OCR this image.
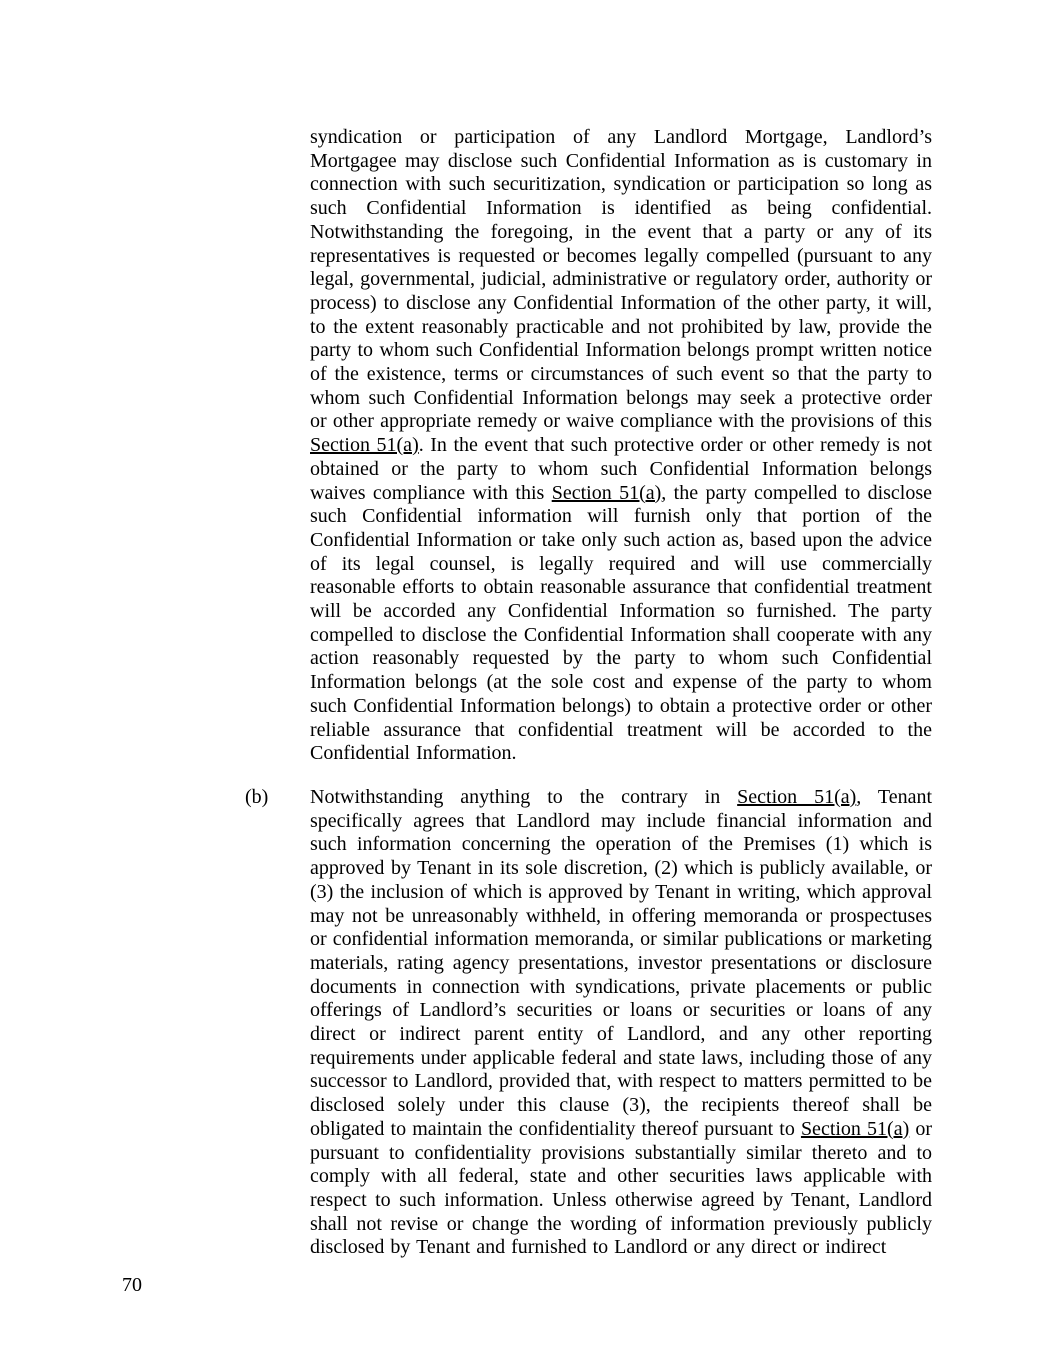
syndication or participation of any Landlord Mortgage, Landlord’s Mortgagee may disclose such Confidential Information as is customary in connection with such securitization, syndication or participation so long as such Confidential Information is identified as being confidential. Notwithstanding the foregoing, in the event that a party or any of its representatives is requested or becomes legally compelled (pursuant to any legal, governmental, judicial, administrative or regulatory order, authority or process) to disclose any Confidential Information of the other party, it will, to the extent reasonably practicable and not prohibited by law, provide the party to whom such Confidential Information belongs prompt written notice of the existence, terms or circumstances of such event so that the party to whom such Confidential Information belongs may seek a protective order or other appropriate remedy or waive compliance with the provisions of this Section 51(a). In the event that such protective order or other remedy is not obtained or the party to whom such Confidential Information belongs waives compliance with this Section 51(a), the party compelled to disclose such Confidential information will furnish only that portion of the Confidential Information or take only such action as, based upon the advice of its legal counsel, is legally required and will use commercially reasonable efforts to obtain reasonable assurance that confidential treatment will be accorded any Confidential Information so furnished. The party compelled to disclose the Confidential Information shall cooperate with any action reasonably requested by the party to whom such Confidential Information belongs (at the sole cost and expense of the party to whom such Confidential Information belongs) to obtain a protective order or other reliable assurance that confidential treatment will be accorded to the Confidential Information.

(b) Notwithstanding anything to the contrary in Section 51(a), Tenant specifically agrees that Landlord may include financial information and such information concerning the operation of the Premises (1) which is approved by Tenant in its sole discretion, (2) which is publicly available, or (3) the inclusion of which is approved by Tenant in writing, which approval may not be unreasonably withheld, in offering memoranda or prospectuses or confidential information memoranda, or similar publications or marketing materials, rating agency presentations, investor presentations or disclosure documents in connection with syndications, private placements or public offerings of Landlord’s securities or loans or securities or loans of any direct or indirect parent entity of Landlord, and any other reporting requirements under applicable federal and state laws, including those of any successor to Landlord, provided that, with respect to matters permitted to be disclosed solely under this clause (3), the recipients thereof shall be obligated to maintain the confidentiality thereof pursuant to Section 51(a) or pursuant to confidentiality provisions substantially similar thereto and to comply with all federal, state and other securities laws applicable with respect to such information. Unless otherwise agreed by Tenant, Landlord shall not revise or change the wording of information previously publicly disclosed by Tenant and furnished to Landlord or any direct or indirect

70
